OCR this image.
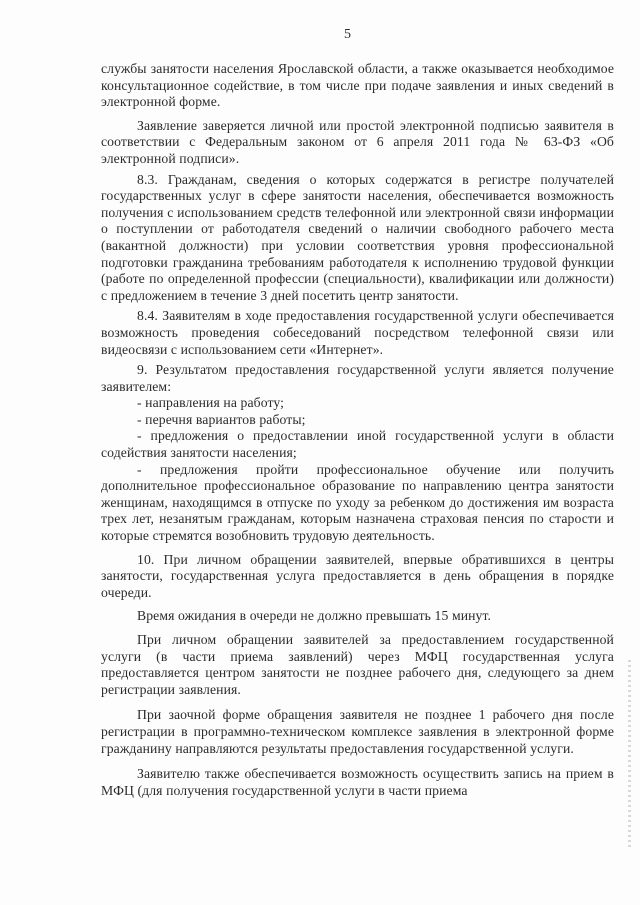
5

службы занятости населения Ярославской области, а также оказывается необходимое консультационное содействие, в том числе при подаче заявления и иных сведений в электронной форме.

Заявление заверяется личной или простой электронной подписью заявителя в соответствии с Федеральным законом от 6 апреля 2011 года № 63-ФЗ «Об электронной подписи».

8.3. Гражданам, сведения о которых содержатся в регистре получателей государственных услуг в сфере занятости населения, обеспечивается возможность получения с использованием средств телефонной или электронной связи информации о поступлении от работодателя сведений о наличии свободного рабочего места (вакантной должности) при условии соответствия уровня профессиональной подготовки гражданина требованиям работодателя к исполнению трудовой функции (работе по определенной профессии (специальности), квалификации или должности) с предложением в течение 3 дней посетить центр занятости.

8.4. Заявителям в ходе предоставления государственной услуги обеспечивается возможность проведения собеседований посредством телефонной связи или видеосвязи с использованием сети «Интернет».

9. Результатом предоставления государственной услуги является получение заявителем:

- направления на работу;

- перечня вариантов работы;

- предложения о предоставлении иной государственной услуги в области содействия занятости населения;

- предложения пройти профессиональное обучение или получить дополнительное профессиональное образование по направлению центра занятости женщинам, находящимся в отпуске по уходу за ребенком до достижения им возраста трех лет, незанятым гражданам, которым назначена страховая пенсия по старости и которые стремятся возобновить трудовую деятельность.

10. При личном обращении заявителей, впервые обратившихся в центры занятости, государственная услуга предоставляется в день обращения в порядке очереди.

Время ожидания в очереди не должно превышать 15 минут.

При личном обращении заявителей за предоставлением государственной услуги (в части приема заявлений) через МФЦ государственная услуга предоставляется центром занятости не позднее рабочего дня, следующего за днем регистрации заявления.

При заочной форме обращения заявителя не позднее 1 рабочего дня после регистрации в программно-техническом комплексе заявления в электронной форме гражданину направляются результаты предоставления государственной услуги.

Заявителю также обеспечивается возможность осуществить запись на прием в МФЦ (для получения государственной услуги в части приема
